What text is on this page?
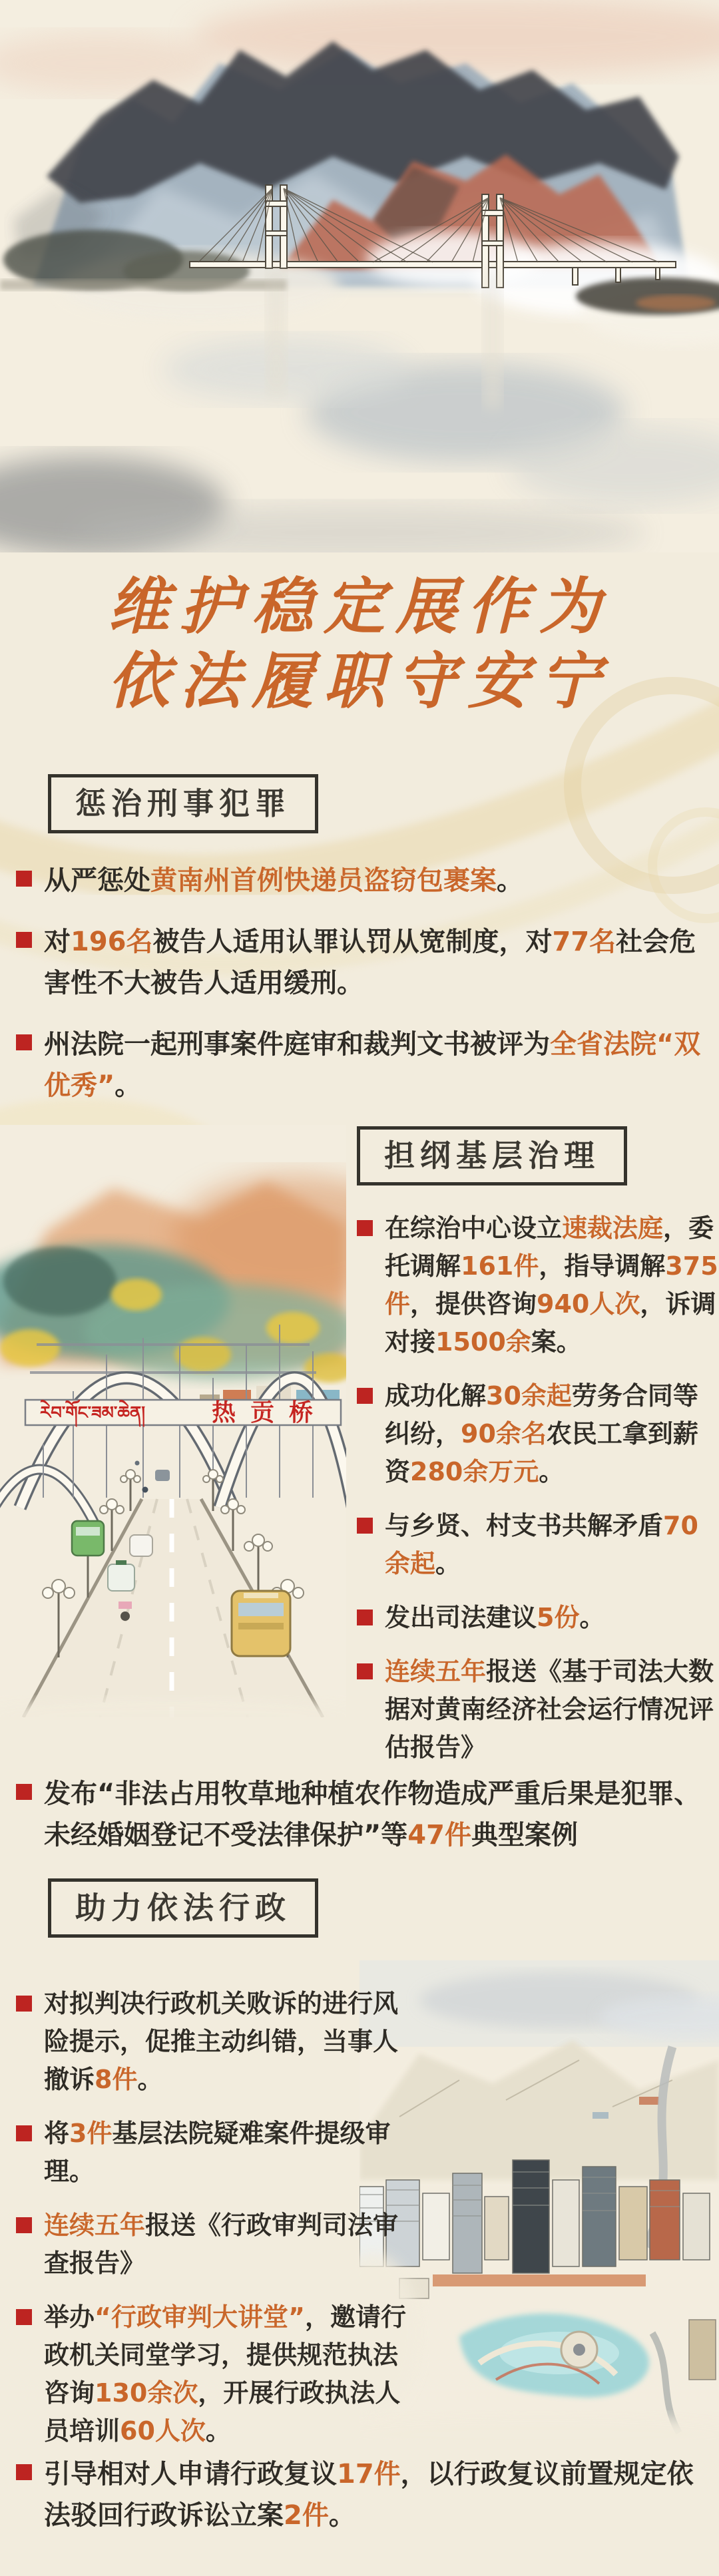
维护稳定展作为
依法履职守安宁
惩治刑事犯罪

从严惩处黄南州首例快递员盗窃包裹案。

对196名被告人适用认罪认罚从宽制度，对77名社会危害性不大被告人适用缓刑。

州法院一起刑事案件庭审和裁判文书被评为全省法院“双优秀”。

རེབ་གོང་ཟམ་ཆེན།	热贡桥
担纲基层治理

在综治中心设立速裁法庭，委托调解161件，指导调解375件，提供咨询940人次，诉调对接1500余案。

成功化解30余起劳务合同等纠纷，90余名农民工拿到薪资280余万元。

与乡贤、村支书共解矛盾70余起。

发出司法建议5份。

连续五年报送《基于司法大数据对黄南经济社会运行情况评估报告》

发布“非法占用牧草地种植农作物造成严重后果是犯罪、未经婚姻登记不受法律保护”等47件典型案例

助力依法行政

对拟判决行政机关败诉的进行风险提示，促推主动纠错，当事人撤诉8件。

将3件基层法院疑难案件提级审理。

连续五年报送《行政审判司法审查报告》

举办“行政审判大讲堂”，邀请行政机关同堂学习，提供规范执法咨询130余次，开展行政执法人员培训60人次。

引导相对人申请行政复议17件，以行政复议前置规定依法驳回行政诉讼立案2件。
